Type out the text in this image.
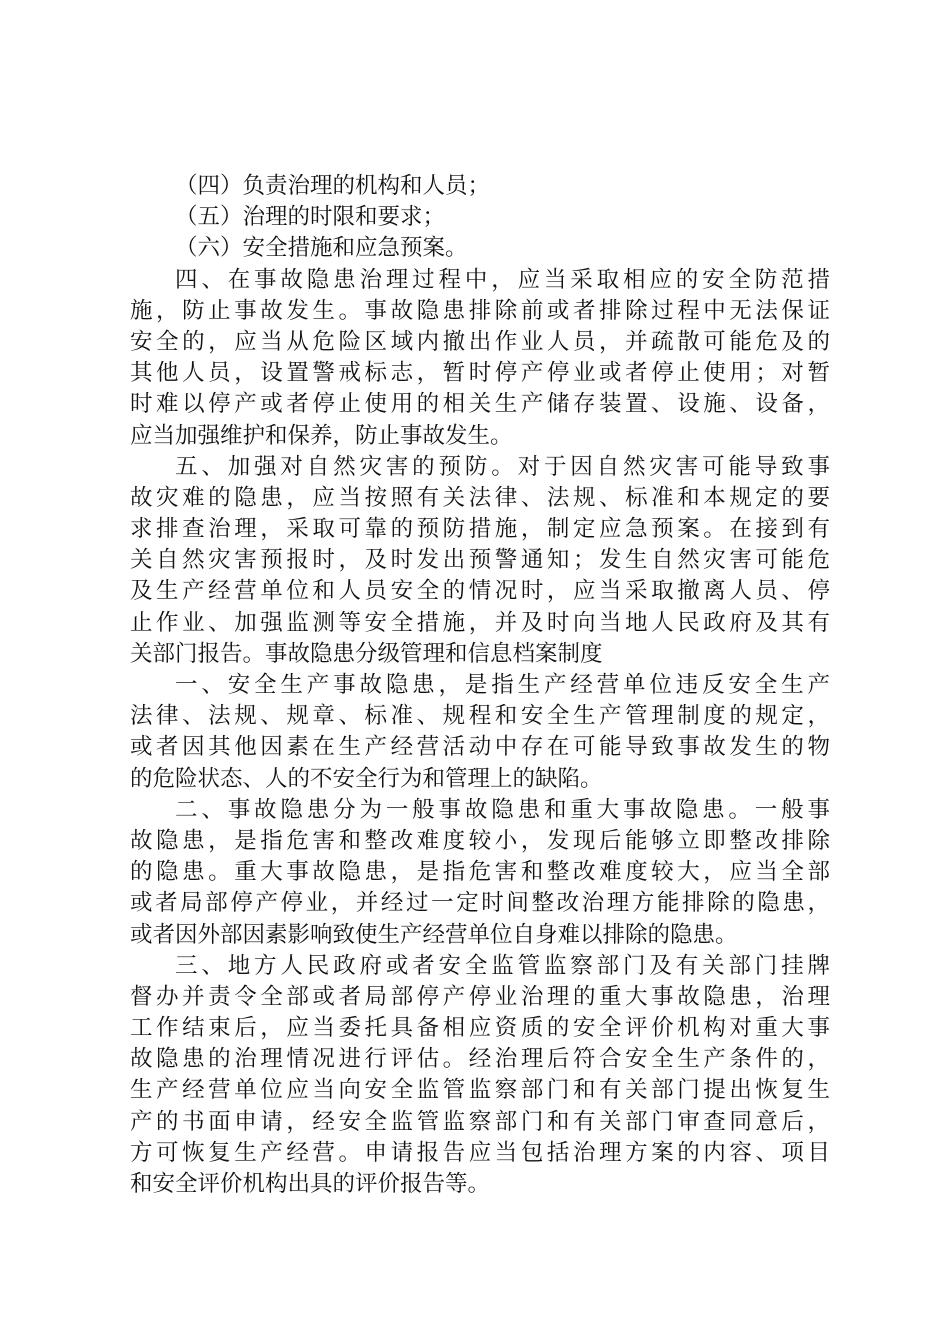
（四）负责治理的机构和人员；
（五）治理的时限和要求；
（六）安全措施和应急预案。
四、在事故隐患治理过程中，应当采取相应的安全防范措
施，防止事故发生。事故隐患排除前或者排除过程中无法保证
安全的，应当从危险区域内撤出作业人员，并疏散可能危及的
其他人员，设置警戒标志，暂时停产停业或者停止使用；对暂
时难以停产或者停止使用的相关生产储存装置、设施、设备，
应当加强维护和保养，防止事故发生。
五、加强对自然灾害的预防。对于因自然灾害可能导致事
故灾难的隐患，应当按照有关法律、法规、标准和本规定的要
求排查治理，采取可靠的预防措施，制定应急预案。在接到有
关自然灾害预报时，及时发出预警通知；发生自然灾害可能危
及生产经营单位和人员安全的情况时，应当采取撤离人员、停
止作业、加强监测等安全措施，并及时向当地人民政府及其有
关部门报告。事故隐患分级管理和信息档案制度
一、安全生产事故隐患，是指生产经营单位违反安全生产
法律、法规、规章、标准、规程和安全生产管理制度的规定，
或者因其他因素在生产经营活动中存在可能导致事故发生的物
的危险状态、人的不安全行为和管理上的缺陷。
二、事故隐患分为一般事故隐患和重大事故隐患。一般事
故隐患，是指危害和整改难度较小，发现后能够立即整改排除
的隐患。重大事故隐患，是指危害和整改难度较大，应当全部
或者局部停产停业，并经过一定时间整改治理方能排除的隐患，
或者因外部因素影响致使生产经营单位自身难以排除的隐患。
三、地方人民政府或者安全监管监察部门及有关部门挂牌
督办并责令全部或者局部停产停业治理的重大事故隐患，治理
工作结束后，应当委托具备相应资质的安全评价机构对重大事
故隐患的治理情况进行评估。经治理后符合安全生产条件的，
生产经营单位应当向安全监管监察部门和有关部门提出恢复生
产的书面申请，经安全监管监察部门和有关部门审查同意后，
方可恢复生产经营。申请报告应当包括治理方案的内容、项目
和安全评价机构出具的评价报告等。
